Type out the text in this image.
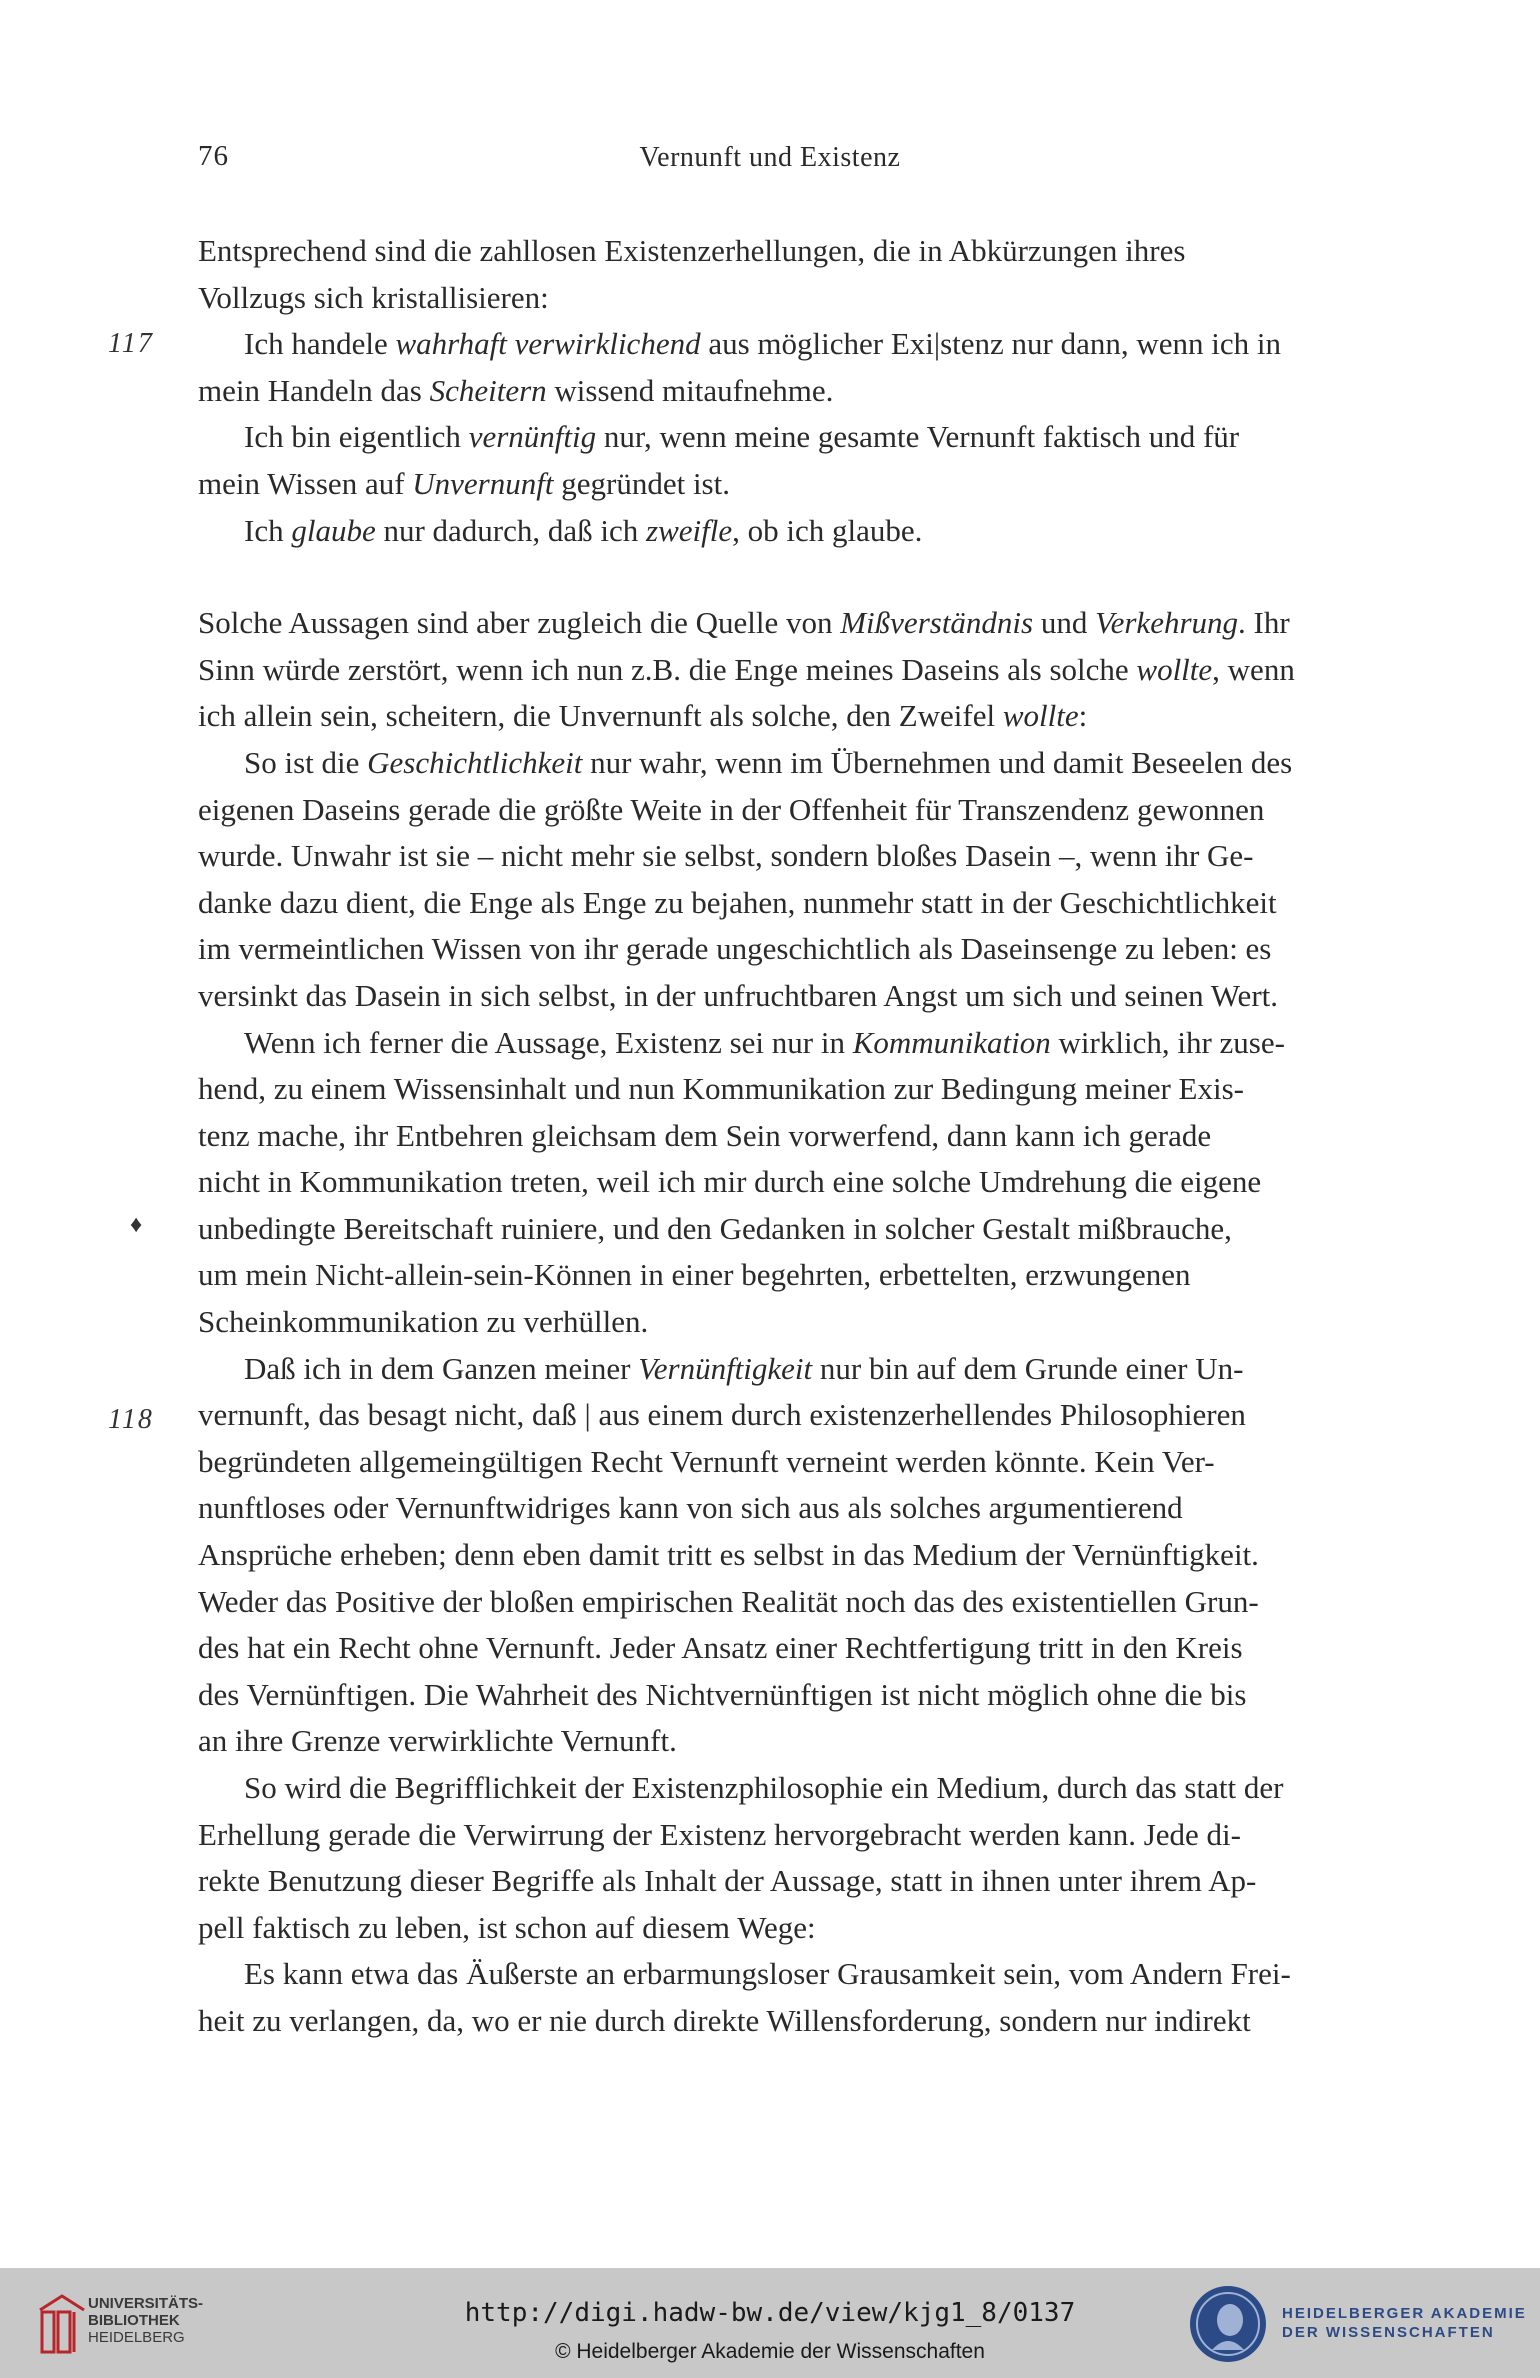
76	Vernunft und Existenz
117
118
♦
Entsprechend sind die zahllosen Existenzerhellungen, die in Abkürzungen ihres
Vollzugs sich kristallisieren:
Ich handele wahrhaft verwirklichend aus möglicher Exi|stenz nur dann, wenn ich in
mein Handeln das Scheitern wissend mitaufnehme.
Ich bin eigentlich vernünftig nur, wenn meine gesamte Vernunft faktisch und für
mein Wissen auf Unvernunft gegründet ist.
Ich glaube nur dadurch, daß ich zweifle, ob ich glaube.
Solche Aussagen sind aber zugleich die Quelle von Mißverständnis und Verkehrung. Ihr
Sinn würde zerstört, wenn ich nun z.B. die Enge meines Daseins als solche wollte, wenn
ich allein sein, scheitern, die Unvernunft als solche, den Zweifel wollte:
So ist die Geschichtlichkeit nur wahr, wenn im Übernehmen und damit Beseelen des
eigenen Daseins gerade die größte Weite in der Offenheit für Transzendenz gewonnen
wurde. Unwahr ist sie – nicht mehr sie selbst, sondern bloßes Dasein –, wenn ihr Ge-
danke dazu dient, die Enge als Enge zu bejahen, nunmehr statt in der Geschichtlichkeit
im vermeintlichen Wissen von ihr gerade ungeschichtlich als Daseinsenge zu leben: es
versinkt das Dasein in sich selbst, in der unfruchtbaren Angst um sich und seinen Wert.
Wenn ich ferner die Aussage, Existenz sei nur in Kommunikation wirklich, ihr zuse-
hend, zu einem Wissensinhalt und nun Kommunikation zur Bedingung meiner Exis-
tenz mache, ihr Entbehren gleichsam dem Sein vorwerfend, dann kann ich gerade
nicht in Kommunikation treten, weil ich mir durch eine solche Umdrehung die eigene
unbedingte Bereitschaft ruiniere, und den Gedanken in solcher Gestalt mißbrauche,
um mein Nicht-allein-sein-Können in einer begehrten, erbettelten, erzwungenen
Scheinkommunikation zu verhüllen.
Daß ich in dem Ganzen meiner Vernünftigkeit nur bin auf dem Grunde einer Un-
vernunft, das besagt nicht, daß | aus einem durch existenzerhellendes Philosophieren
begründeten allgemeingültigen Recht Vernunft verneint werden könnte. Kein Ver-
nunftloses oder Vernunftwidriges kann von sich aus als solches argumentierend
Ansprüche erheben; denn eben damit tritt es selbst in das Medium der Vernünftigkeit.
Weder das Positive der bloßen empirischen Realität noch das des existentiellen Grun-
des hat ein Recht ohne Vernunft. Jeder Ansatz einer Rechtfertigung tritt in den Kreis
des Vernünftigen. Die Wahrheit des Nichtvernünftigen ist nicht möglich ohne die bis
an ihre Grenze verwirklichte Vernunft.
So wird die Begrifflichkeit der Existenzphilosophie ein Medium, durch das statt der
Erhellung gerade die Verwirrung der Existenz hervorgebracht werden kann. Jede di-
rekte Benutzung dieser Begriffe als Inhalt der Aussage, statt in ihnen unter ihrem Ap-
pell faktisch zu leben, ist schon auf diesem Wege:
Es kann etwa das Äußerste an erbarmungsloser Grausamkeit sein, vom Andern Frei-
heit zu verlangen, da, wo er nie durch direkte Willensforderung, sondern nur indirekt
UNIVERSITÄTS-
BIBLIOTHEK
HEIDELBERG
http://digi.hadw-bw.de/view/kjg1_8/0137
© Heidelberger Akademie der Wissenschaften
HEIDELBERGER AKADEMIE
DER WISSENSCHAFTEN
